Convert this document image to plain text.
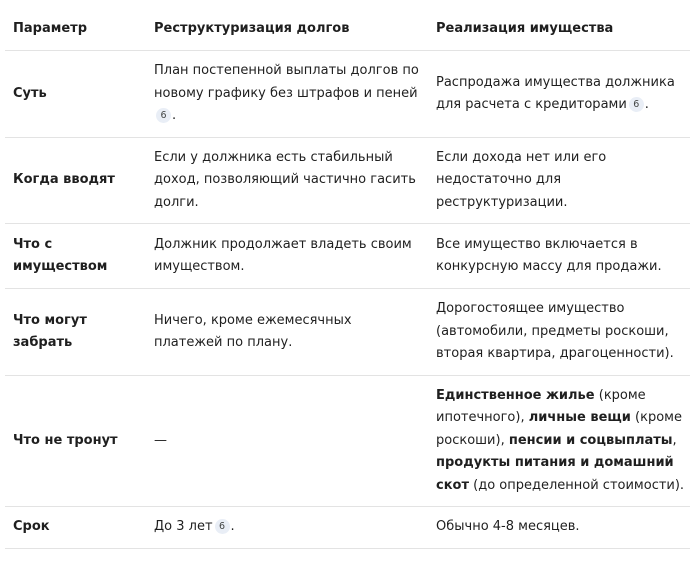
Параметр	Реструктуризация долгов	Реализация имущества
Суть	План постепенной выплаты долгов по новому графику без штрафов и пеней6 .	Распродажа имущества должника для расчета с кредиторами 6 .
Когда вводят	Если у должника есть стабильный доход, позволяющий частично гасить долги.	Если дохода нет или его недостаточно для реструктуризации.
Что с имуществом	Должник продолжает владеть своим имуществом.	Все имущество включается в конкурсную массу для продажи.
Что могут забрать	Ничего, кроме ежемесячных платежей по плану.	Дорогостоящее имущество (автомобили, предметы роскоши, вторая квартира, драгоценности).
Что не тронут	—	Единственное жилье (кроме ипотечного), личные вещи (кроме роскоши), пенсии и соцвыплаты, продукты питания и домашний скот (до определенной стоимости).
Срок	До 3 лет 6 .	Обычно 4-8 месяцев.
